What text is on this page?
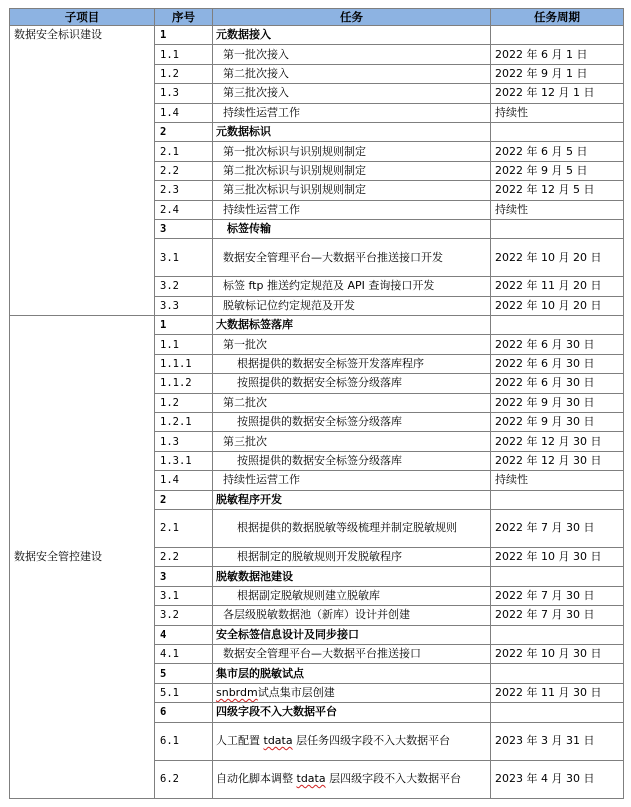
子项目	序号	任务	任务周期
数据安全标识建设	1	元数据接入	
	1.1	第一批次接入	2022 年 6 月 1 日
	1.2	第二批次接入	2022 年 9 月 1 日
	1.3	第三批次接入	2022 年 12 月 1 日
	1.4	持续性运营工作	持续性
	2	元数据标识	
	2.1	第一批次标识与识别规则制定	2022 年 6 月 5 日
	2.2	第二批次标识与识别规则制定	2022 年 9 月 5 日
	2.3	第三批次标识与识别规则制定	2022 年 12 月 5 日
	2.4	持续性运营工作	持续性
	3	标签传输	
	3.1	数据安全管理平台—大数据平台推送接口开发	2022 年 10 月 20 日
	3.2	标签 ftp 推送约定规范及 API 查询接口开发	2022 年 11 月 20 日
	3.3	脱敏标记位约定规范及开发	2022 年 10 月 20 日
数据安全管控建设	1	大数据标签落库	
	1.1	第一批次	2022 年 6 月 30 日
	1.1.1	根据提供的数据安全标签开发落库程序	2022 年 6 月 30 日
	1.1.2	按照提供的数据安全标签分级落库	2022 年 6 月 30 日
	1.2	第二批次	2022 年 9 月 30 日
	1.2.1	按照提供的数据安全标签分级落库	2022 年 9 月 30 日
	1.3	第三批次	2022 年 12 月 30 日
	1.3.1	按照提供的数据安全标签分级落库	2022 年 12 月 30 日
	1.4	持续性运营工作	持续性
	2	脱敏程序开发	
	2.1	根据提供的数据脱敏等级梳理并制定脱敏规则	2022 年 7 月 30 日
	2.2	根据制定的脱敏规则开发脱敏程序	2022 年 10 月 30 日
	3	脱敏数据池建设	
	3.1	根据副定脱敏规则建立脱敏库	2022 年 7 月 30 日
	3.2	各层级脱敏数据池（新库）设计并创建	2022 年 7 月 30 日
	4	安全标签信息设计及同步接口	
	4.1	数据安全管理平台—大数据平台推送接口	2022 年 10 月 30 日
	5	集市层的脱敏试点	
	5.1	snbrdm试点集市层创建	2022 年 11 月 30 日
	6	四级字段不入大数据平台	
	6.1	人工配置 tdata 层任务四级字段不入大数据平台	2023 年 3 月 31 日
	6.2	自动化脚本调整 tdata 层四级字段不入大数据平台	2023 年 4 月 30 日
